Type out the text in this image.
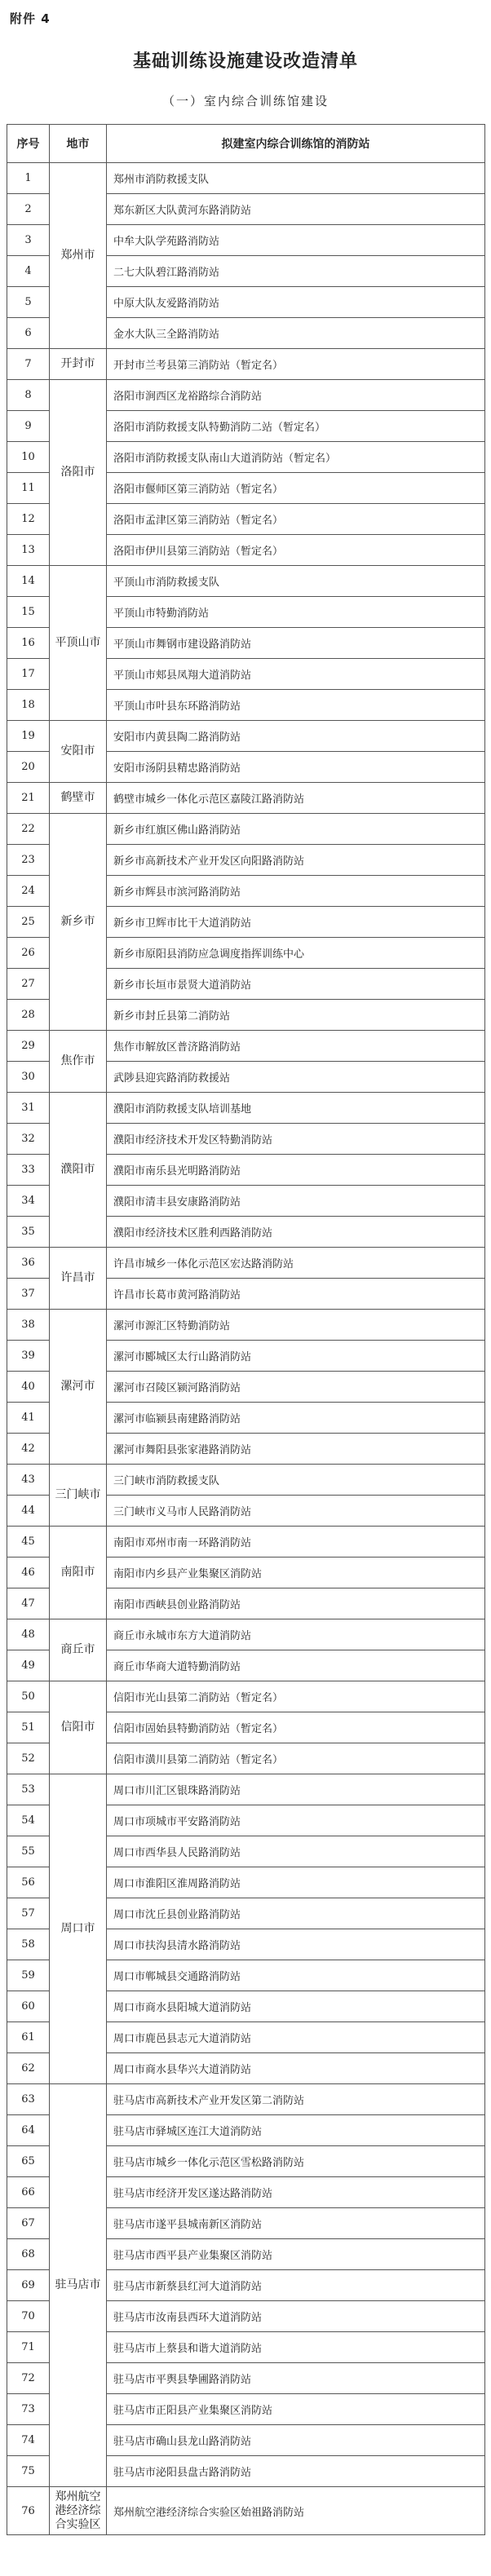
附件 4
基础训练设施建设改造清单
（一）室内综合训练馆建设
序号	地市	拟建室内综合训练馆的消防站
1	郑州市	郑州市消防救援支队
2		郑东新区大队黄河东路消防站
3		中牟大队学苑路消防站
4		二七大队碧江路消防站
5		中原大队友爱路消防站
6		金水大队三全路消防站
7	开封市	开封市兰考县第三消防站（暂定名）
8	洛阳市	洛阳市涧西区龙裕路综合消防站
9		洛阳市消防救援支队特勤消防二站（暂定名）
10		洛阳市消防救援支队南山大道消防站（暂定名）
11		洛阳市偃师区第三消防站（暂定名）
12		洛阳市孟津区第三消防站（暂定名）
13		洛阳市伊川县第三消防站（暂定名）
14	平顶山市	平顶山市消防救援支队
15		平顶山市特勤消防站
16		平顶山市舞钢市建设路消防站
17		平顶山市郏县凤翔大道消防站
18		平顶山市叶县东环路消防站
19	安阳市	安阳市内黄县陶二路消防站
20		安阳市汤阴县精忠路消防站
21	鹤壁市	鹤壁市城乡一体化示范区嘉陵江路消防站
22	新乡市	新乡市红旗区佛山路消防站
23		新乡市高新技术产业开发区向阳路消防站
24		新乡市辉县市滨河路消防站
25		新乡市卫辉市比干大道消防站
26		新乡市原阳县消防应急调度指挥训练中心
27		新乡市长垣市景贤大道消防站
28		新乡市封丘县第二消防站
29	焦作市	焦作市解放区普济路消防站
30		武陟县迎宾路消防救援站
31	濮阳市	濮阳市消防救援支队培训基地
32		濮阳市经济技术开发区特勤消防站
33		濮阳市南乐县光明路消防站
34		濮阳市清丰县安康路消防站
35		濮阳市经济技术区胜利西路消防站
36	许昌市	许昌市城乡一体化示范区宏达路消防站
37		许昌市长葛市黄河路消防站
38	漯河市	漯河市源汇区特勤消防站
39		漯河市郾城区太行山路消防站
40		漯河市召陵区颍河路消防站
41		漯河市临颍县南建路消防站
42		漯河市舞阳县张家港路消防站
43	三门峡市	三门峡市消防救援支队
44		三门峡市义马市人民路消防站
45	南阳市	南阳市邓州市南一环路消防站
46		南阳市内乡县产业集聚区消防站
47		南阳市西峡县创业路消防站
48	商丘市	商丘市永城市东方大道消防站
49		商丘市华商大道特勤消防站
50	信阳市	信阳市光山县第二消防站（暂定名）
51		信阳市固始县特勤消防站（暂定名）
52		信阳市潢川县第二消防站（暂定名）
53	周口市	周口市川汇区银珠路消防站
54		周口市项城市平安路消防站
55		周口市西华县人民路消防站
56		周口市淮阳区淮周路消防站
57		周口市沈丘县创业路消防站
58		周口市扶沟县清水路消防站
59		周口市郸城县交通路消防站
60		周口市商水县阳城大道消防站
61		周口市鹿邑县志元大道消防站
62		周口市商水县华兴大道消防站
63	驻马店市	驻马店市高新技术产业开发区第二消防站
64		驻马店市驿城区连江大道消防站
65		驻马店市城乡一体化示范区雪松路消防站
66		驻马店市经济开发区遂达路消防站
67		驻马店市遂平县城南新区消防站
68		驻马店市西平县产业集聚区消防站
69		驻马店市新蔡县红河大道消防站
70		驻马店市汝南县西环大道消防站
71		驻马店市上蔡县和谐大道消防站
72		驻马店市平舆县挚圃路消防站
73		驻马店市正阳县产业集聚区消防站
74		驻马店市确山县龙山路消防站
75		驻马店市泌阳县盘古路消防站
76	郑州航空港经济综合实验区	郑州航空港经济综合实验区始祖路消防站
